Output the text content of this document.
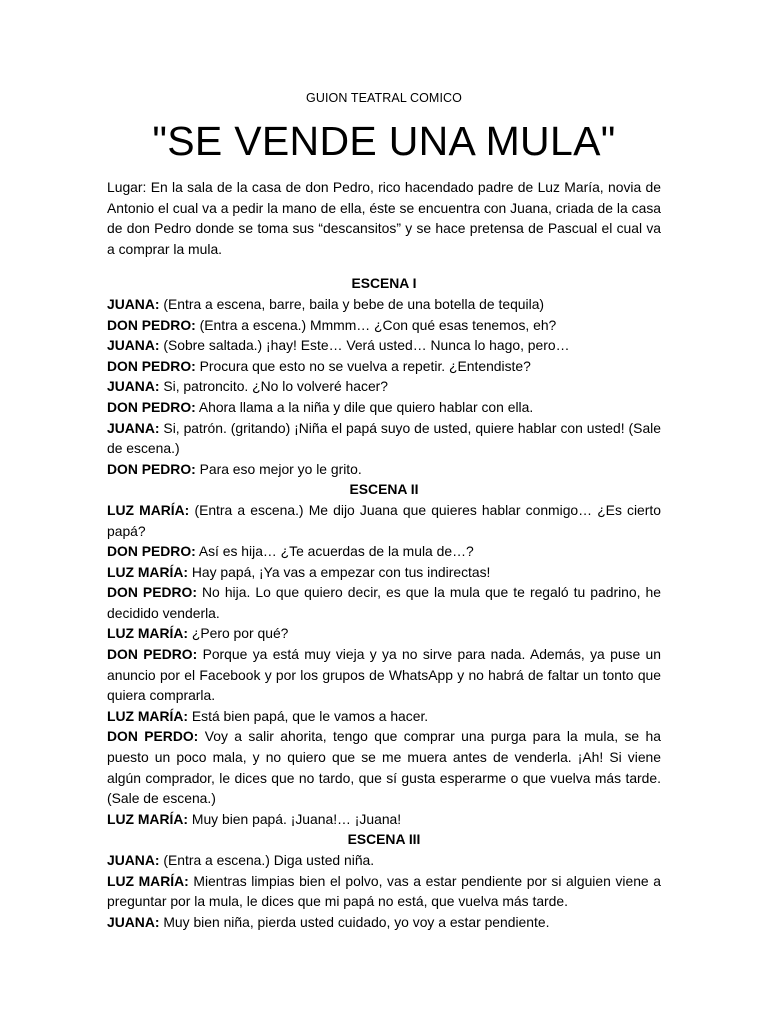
GUION TEATRAL COMICO
"SE VENDE UNA MULA"

Lugar: En la sala de la casa de don Pedro, rico hacendado padre de Luz María, novia de Antonio el cual va a pedir la mano de ella, éste se encuentra con Juana, criada de la casa de don Pedro donde se toma sus “descansitos” y se hace pretensa de Pascual el cual va a comprar la mula.

ESCENA I

JUANA: (Entra a escena, barre, baila y bebe de una botella de tequila)

DON PEDRO: (Entra a escena.) Mmmm… ¿Con qué esas tenemos, eh?

JUANA: (Sobre saltada.) ¡hay! Este… Verá usted… Nunca lo hago, pero…

DON PEDRO: Procura que esto no se vuelva a repetir. ¿Entendiste?

JUANA: Si, patroncito. ¿No lo volveré hacer?

DON PEDRO: Ahora llama a la niña y dile que quiero hablar con ella.

JUANA: Si, patrón. (gritando) ¡Niña el papá suyo de usted, quiere hablar con usted! (Sale de escena.)

DON PEDRO: Para eso mejor yo le grito.

ESCENA II

LUZ MARÍA: (Entra a escena.) Me dijo Juana que quieres hablar conmigo… ¿Es cierto papá?

DON PEDRO: Así es hija… ¿Te acuerdas de la mula de…?

LUZ MARÍA: Hay papá, ¡Ya vas a empezar con tus indirectas!

DON PEDRO: No hija. Lo que quiero decir, es que la mula que te regaló tu padrino, he decidido venderla.

LUZ MARÍA: ¿Pero por qué?

DON PEDRO: Porque ya está muy vieja y ya no sirve para nada. Además, ya puse un anuncio por el Facebook y por los grupos de WhatsApp y no habrá de faltar un tonto que quiera comprarla.

LUZ MARÍA: Está bien papá, que le vamos a hacer.

DON PERDO: Voy a salir ahorita, tengo que comprar una purga para la mula, se ha puesto un poco mala, y no quiero que se me muera antes de venderla. ¡Ah! Si viene algún comprador, le dices que no tardo, que sí gusta esperarme o que vuelva más tarde. (Sale de escena.)

LUZ MARÍA: Muy bien papá. ¡Juana!… ¡Juana!

ESCENA III

JUANA: (Entra a escena.) Diga usted niña.

LUZ MARÍA: Mientras limpias bien el polvo, vas a estar pendiente por si alguien viene a preguntar por la mula, le dices que mi papá no está, que vuelva más tarde.

JUANA: Muy bien niña, pierda usted cuidado, yo voy a estar pendiente.
